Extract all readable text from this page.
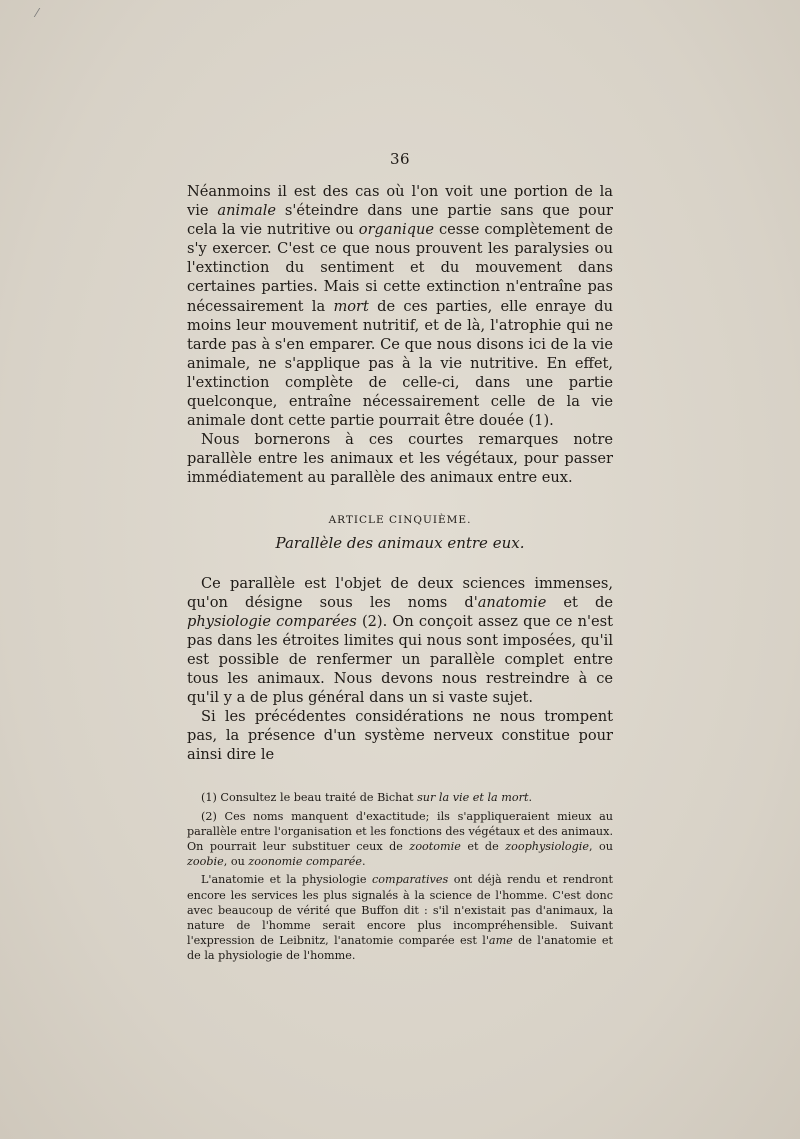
⁄
36

Néanmoins il est des cas où l'on voit une portion de la vie animale s'éteindre dans une partie sans que pour cela la vie nutritive ou organique cesse complètement de s'y exercer. C'est ce que nous prouvent les paralysies ou l'extinction du sentiment et du mouvement dans certaines parties. Mais si cette extinction n'entraîne pas nécessairement la mort de ces parties, elle enraye du moins leur mouvement nutritif, et de là, l'atrophie qui ne tarde pas à s'en emparer. Ce que nous disons ici de la vie animale, ne s'applique pas à la vie nutritive. En effet, l'extinction complète de celle-ci, dans une partie quelconque, entraîne nécessairement celle de la vie animale dont cette partie pourrait être douée (1).

Nous bornerons à ces courtes remarques notre parallèle entre les animaux et les végétaux, pour passer immédiatement au parallèle des animaux entre eux.

ARTICLE CINQUIÈME.
Parallèle des animaux entre eux.

Ce parallèle est l'objet de deux sciences immenses, qu'on désigne sous les noms d'anatomie et de physiologie comparées (2). On conçoit assez que ce n'est pas dans les étroites limites qui nous sont imposées, qu'il est possible de renfermer un parallèle complet entre tous les animaux. Nous devons nous restreindre à ce qu'il y a de plus général dans un si vaste sujet.

Si les précédentes considérations ne nous trompent pas, la présence d'un système nerveux constitue pour ainsi dire le

(1) Consultez le beau traité de Bichat sur la vie et la mort.

(2) Ces noms manquent d'exactitude; ils s'appliqueraient mieux au parallèle entre l'organisation et les fonctions des végétaux et des animaux. On pourrait leur substituer ceux de zootomie et de zoophysiologie, ou zoobie, ou zoonomie comparée.

L'anatomie et la physiologie comparatives ont déjà rendu et rendront encore les services les plus signalés à la science de l'homme. C'est donc avec beaucoup de vérité que Buffon dit : s'il n'existait pas d'animaux, la nature de l'homme serait encore plus incompréhensible. Suivant l'expression de Leibnitz, l'anatomie comparée est l'ame de l'anatomie et de la physiologie de l'homme.
